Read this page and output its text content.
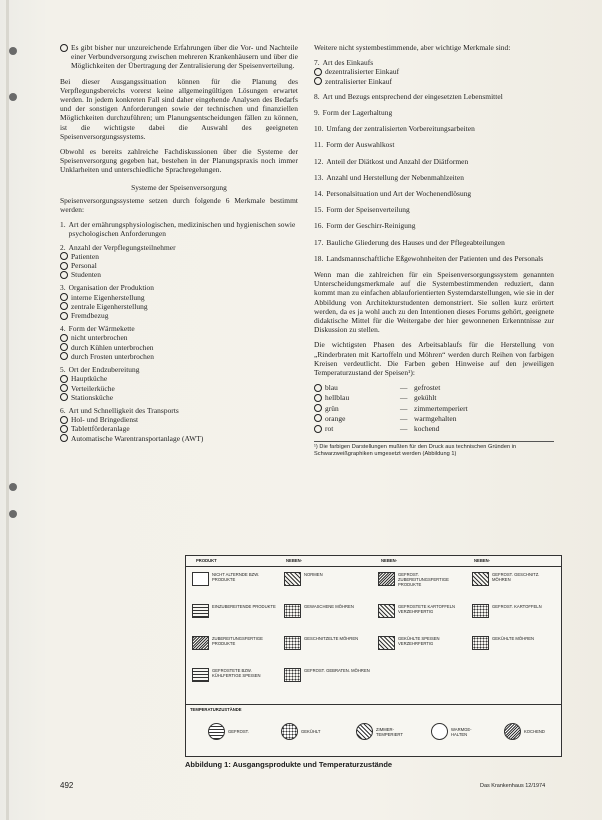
Es gibt bisher nur unzureichende Erfahrungen über die Vor- und Nachteile einer Verbundversorgung zwischen mehreren Krankenhäusern und über die Möglichkeiten der Übertragung der Zentralisierung der Speisenverteilung.

Bei dieser Ausgangssituation können für die Planung des Verpflegungsbereichs vorerst keine allgemeingültigen Lösungen erwartet werden. In jedem konkreten Fall sind daher eingehende Analysen des Bedarfs und der sonstigen Anforderungen sowie der technischen und finanziellen Möglichkeiten durchzuführen; um Planungsentscheidungen fällen zu können, ist die wichtigste dabei die Auswahl des geeigneten Speisenversorgungssystems.

Obwohl es bereits zahlreiche Fachdiskussionen über die Systeme der Speisenversorgung gegeben hat, bestehen in der Planungspraxis noch immer Unklarheiten und unterschiedliche Sprachregelungen.

Systeme der Speisenversorgung

Speisenversorgungssysteme setzen durch folgende 6 Merkmale bestimmt werden:

1. Art der ernährungsphysiologischen, medizinischen und hygienischen sowie psychologischen Anforderungen
2. Anzahl der Verpflegungsteilnehmer
Patienten
Personal
Studenten
3. Organisation der Produktion
interne Eigenherstellung
zentrale Eigenherstellung
Fremdbezug
4. Form der Wärmekette
nicht unterbrochen
durch Kühlen unterbrochen
durch Frosten unterbrochen
5. Ort der Endzubereitung
Hauptküche
Verteilerküche
Stationsküche
6. Art und Schnelligkeit des Transports
Hol- und Bringedienst
Tablettförderanlage
Automatische Warentransportanlage (AWT)

Weitere nicht systembestimmende, aber wichtige Merkmale sind:

7. Art des Einkaufs
dezentralisierter Einkauf
zentralisierter Einkauf
8. Art und Bezugs entsprechend der eingesetzten Lebensmittel
9. Form der Lagerhaltung
10. Umfang der zentralisierten Vorbereitungsarbeiten
11. Form der Auswahlkost
12. Anteil der Diätkost und Anzahl der Diätformen
13. Anzahl und Herstellung der Nebenmahlzeiten
14. Personalsituation und Art der Wochenendlösung
15. Form der Speisenverteilung
16. Form der Geschirr-Reinigung
17. Bauliche Gliederung des Hauses und der Pflegeabteilungen
18. Landsmannschaftliche Eßgewohnheiten der Patienten und des Personals

Wenn man die zahlreichen für ein Speisenversorgungssystem genannten Unterscheidungsmerkmale auf die Systembestimmenden reduziert, dann kommt man zu einfachen ablauforientierten Systemdarstellungen, wie sie in der Abbildung von Architekturstudenten demonstriert. Sie sollen kurz erörtert werden, da es ja wohl auch zu den Intentionen dieses Forums gehört, geeignete didaktische Mittel für die Weitergabe der hier gewonnenen Erkenntnisse zur Diskussion zu stellen.

Die wichtigsten Phasen des Arbeitsablaufs für die Herstellung von „Rinderbraten mit Kartoffeln und Möhren“ werden durch Reihen von farbigen Kreisen verdeutlicht. Die Farben geben Hinweise auf den jeweiligen Temperaturzustand der Speisen¹):

blau	— gefrostet
hellblau	— gekühlt
grün	— zimmertemperiert
orange	— warmgehalten
rot	— kochend
¹) Die farbigen Darstellungen mußten für den Druck aus technischen Gründen in Schwarzweißgraphiken umgesetzt werden (Abbildung 1)
PRODUKT	NEBEN-	NEBEN-	NEBEN-
NICHT ALTERNDE BZW. PRODUKTE
NORMEN	GEFROST. ZUBEREITUNGSFERTIGE PRODUKTE
GEFROST. GESCHNITZ. MÖHREN
EINZUBEREITENDE PRODUKTE	GEWASCHENE MÖHREN	GEFROSTETE KARTOFFELN VERZEHRFERTIG
GEFROST. KARTOFFELN
ZUBEREITUNGSFERTIGE PRODUKTE
GESCHNITZELTE MÖHREN	GEKÜHLTE SPEISEN VERZEHRFERTIG
GEKÜHLTE MÖHREN
GEFROSTETE BZW. KÜHLFERTIGE SPEISEN
GEFROST. GEBRATEN. MÖHREN
TEMPERATURZUSTÄNDE
GEFROST.	GEKÜHLT	ZIMMER-TEMPERIERT
WARMGE-HALTEN	KOCHEND
Abbildung 1: Ausgangsprodukte und Temperaturzustände
492	Das Krankenhaus 12/1974
